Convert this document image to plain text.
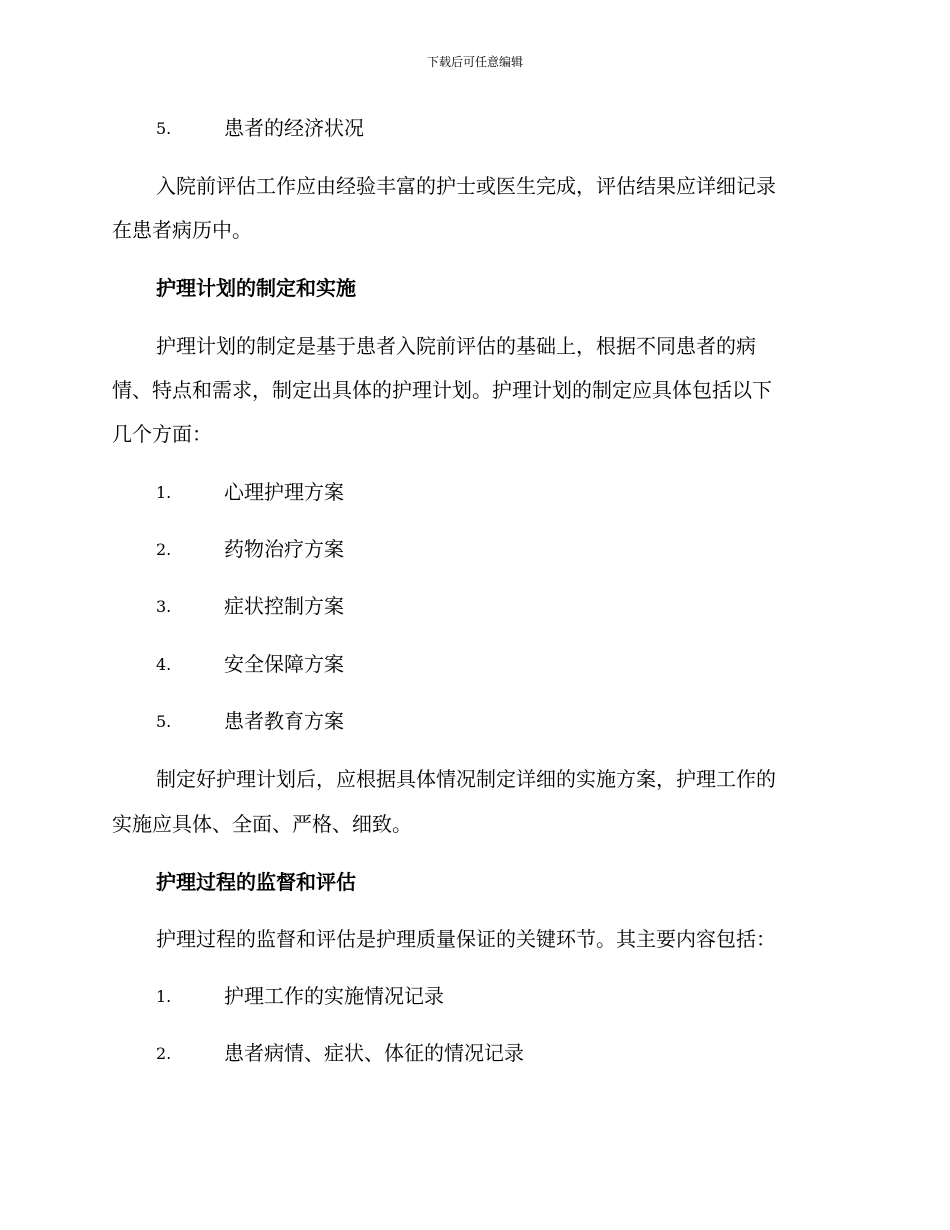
下载后可任意编辑
5.	患者的经济状况
入院前评估工作应由经验丰富的护士或医生完成，评估结果应详细记录
在患者病历中。
护理计划的制定和实施
护理计划的制定是基于患者入院前评估的基础上，根据不同患者的病
情、特点和需求，制定出具体的护理计划。护理计划的制定应具体包括以下
几个方面：
1.	心理护理方案
2.	药物治疗方案
3.	症状控制方案
4.	安全保障方案
5.	患者教育方案
制定好护理计划后，应根据具体情况制定详细的实施方案，护理工作的
实施应具体、全面、严格、细致。
护理过程的监督和评估
护理过程的监督和评估是护理质量保证的关键环节。其主要内容包括：
1.	护理工作的实施情况记录
2.	患者病情、症状、体征的情况记录
